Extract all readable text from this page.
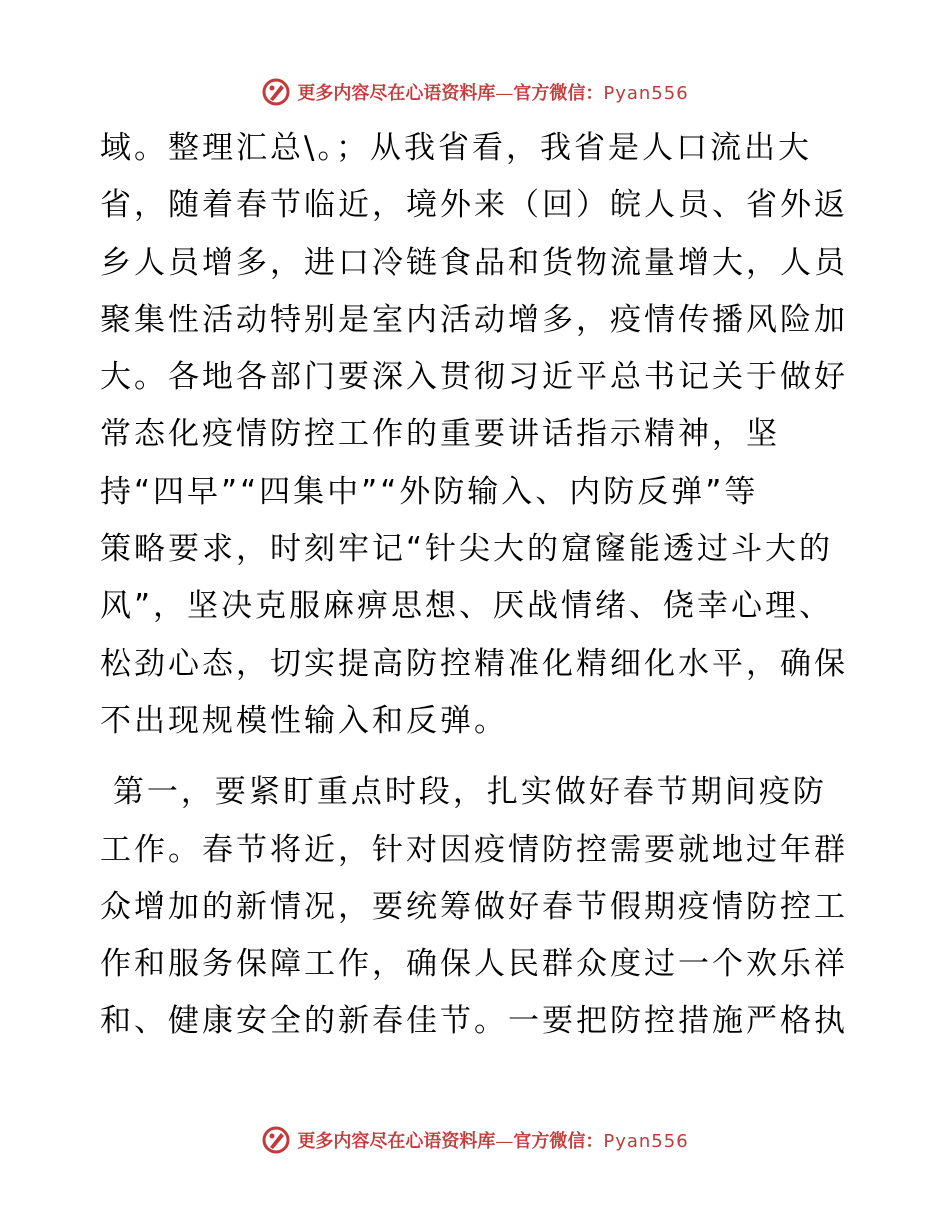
更多内容尽在心语资料库—官方微信：Pyan556
域。整理汇总\。；从我省看，我省是人口流出大
省，随着春节临近，境外来（回）皖人员、省外返
乡人员增多，进口冷链食品和货物流量增大，人员
聚集性活动特别是室内活动增多，疫情传播风险加
大。各地各部门要深入贯彻习近平总书记关于做好
常态化疫情防控工作的重要讲话指示精神，坚
持“四早”“四集中”“外防输入、内防反弹”等
策略要求，时刻牢记“针尖大的窟窿能透过斗大的
风”，坚决克服麻痹思想、厌战情绪、侥幸心理、
松劲心态，切实提高防控精准化精细化水平，确保
不出现规模性输入和反弹。
第一，要紧盯重点时段，扎实做好春节期间疫防
工作。春节将近，针对因疫情防控需要就地过年群
众增加的新情况，要统筹做好春节假期疫情防控工
作和服务保障工作，确保人民群众度过一个欢乐祥
和、健康安全的新春佳节。一要把防控措施严格执
更多内容尽在心语资料库—官方微信：Pyan556
